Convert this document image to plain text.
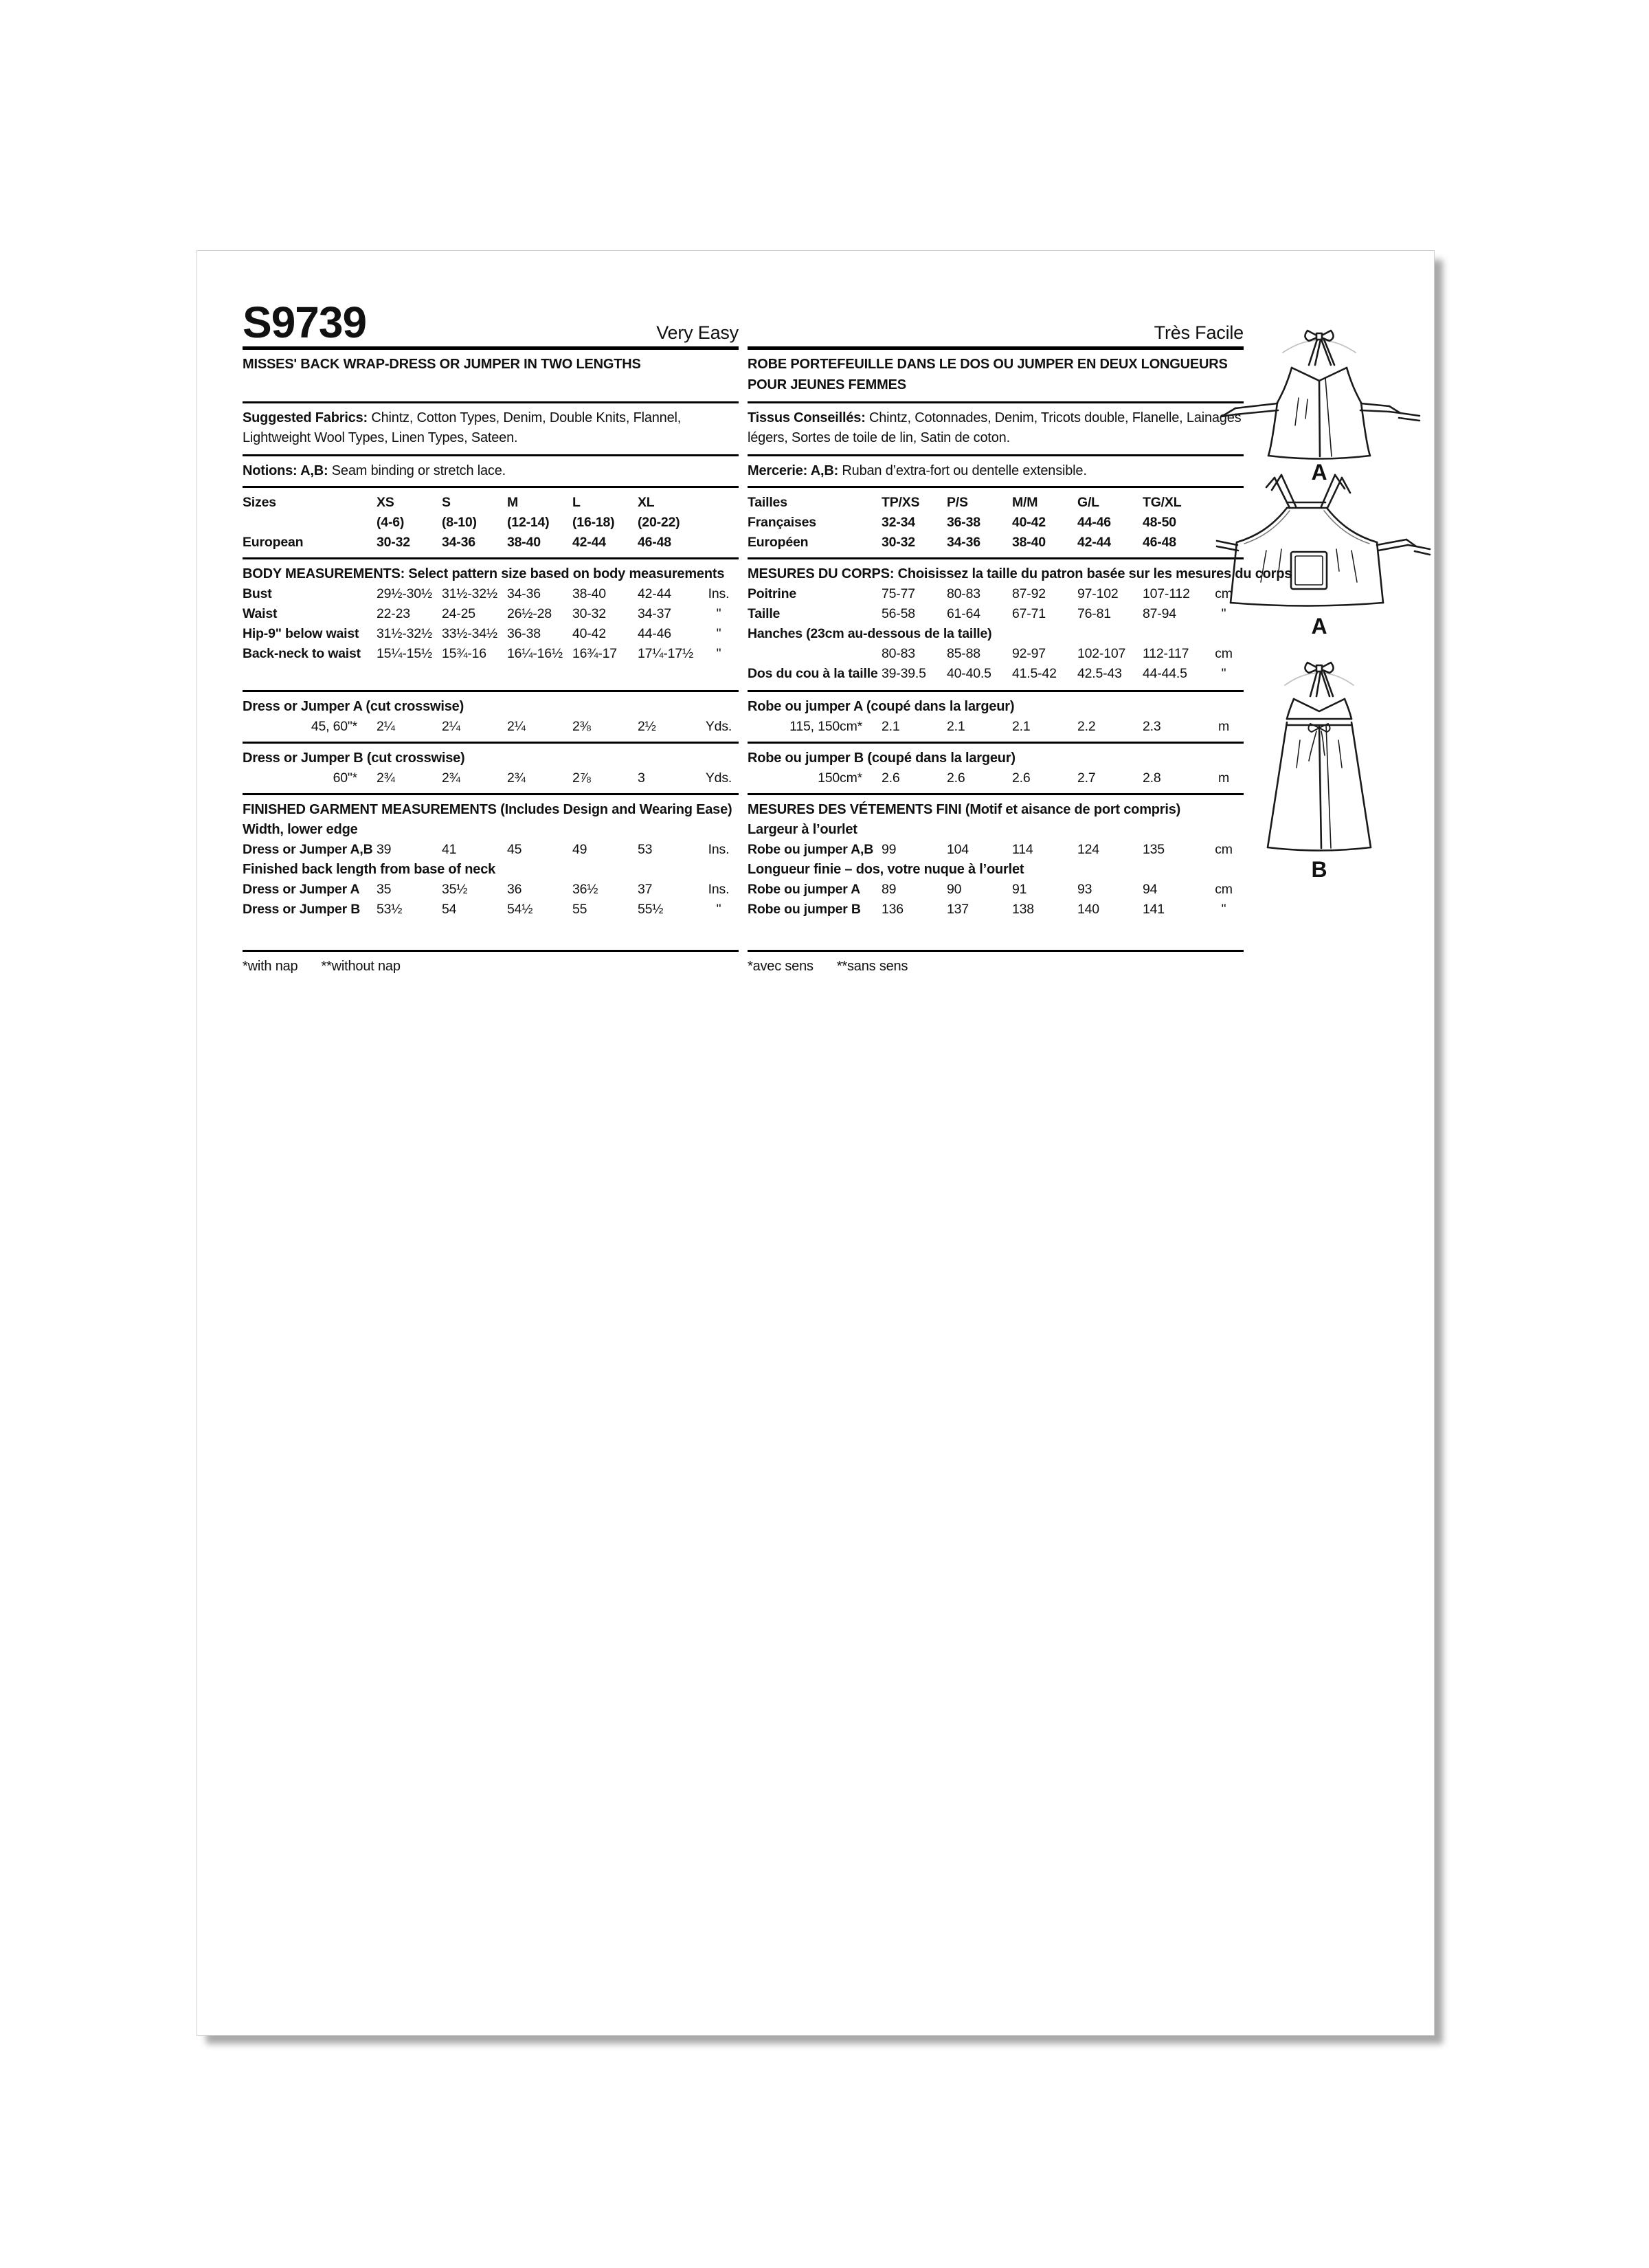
S9739	Very Easy
MISSES' BACK WRAP-DRESS OR JUMPER IN TWO LENGTHS

Suggested Fabrics: Chintz, Cotton Types, Denim, Double Knits, Flannel, Lightweight Wool Types, Linen Types, Sateen.

Notions: A,B: Seam binding or stretch lace.

Sizes	XS	S	M	L	XL
(4-6)	(8-10)	(12-14)	(16-18)	(20-22)
European	30-32	34-36	38-40	42-44	46-48
BODY MEASUREMENTS: Select pattern size based on body measurements
Bust	29½-30½ 31½-32½ 34-36	38-40	42-44	Ins.
Waist	22-23	24-25	26½-28	30-32	34-37	"
Hip-9" below waist	31½-32½ 33½-34½ 36-38	40-42	44-46	"
Back-neck to waist	15¼-15½ 15¾-16	16¼-16½ 16¾-17	17¼-17½	"
Dress or Jumper A (cut crosswise)
45, 60"*	2¼	2¼	2¼	2⅜	2½	Yds.
Dress or Jumper B (cut crosswise)
60"*	2¾	2¾	2¾	2⅞	3	Yds.
FINISHED GARMENT MEASUREMENTS (Includes Design and Wearing Ease)
Width, lower edge
Dress or Jumper A,B 39	41	45	49	53	Ins.
Finished back length from base of neck
Dress or Jumper A	35	35½	36	36½	37	Ins.
Dress or Jumper B	53½	54	54½	55	55½	"
*with nap **without nap
Très Facile
ROBE PORTEFEUILLE DANS LE DOS OU JUMPER EN DEUX LONGUEURS POUR JEUNES FEMMES

Tissus Conseillés: Chintz, Cotonnades, Denim, Tricots double, Flanelle, Lainages légers, Sortes de toile de lin, Satin de coton.

Mercerie: A,B: Ruban d’extra-fort ou dentelle extensible.

Tailles	TP/XS	P/S	M/M	G/L	TG/XL
Françaises	32-34	36-38	40-42	44-46	48-50
Européen	30-32	34-36	38-40	42-44	46-48
MESURES DU CORPS: Choisissez la taille du patron basée sur les mesures du corps
Poitrine	75-77	80-83	87-92	97-102	107-112	cm
Taille	56-58	61-64	67-71	76-81	87-94	"
Hanches (23cm au-dessous de la taille)
80-83	85-88	92-97	102-107	112-117	cm
Dos du cou à la taille 39-39.5	40-40.5	41.5-42	42.5-43	44-44.5	"
Robe ou jumper A (coupé dans la largeur)
115, 150cm*	2.1	2.1	2.1	2.2	2.3	m
Robe ou jumper B (coupé dans la largeur)
150cm*	2.6	2.6	2.6	2.7	2.8	m
MESURES DES VÉTEMENTS FINI (Motif et aisance de port compris)
Largeur à l’ourlet
Robe ou jumper A,B 99	104	114	124	135	cm
Longueur finie – dos, votre nuque à l’ourlet
Robe ou jumper A	89	90	91	93	94	cm
Robe ou jumper B	136	137	138	140	141	"
*avec sens **sans sens
A
A
B
